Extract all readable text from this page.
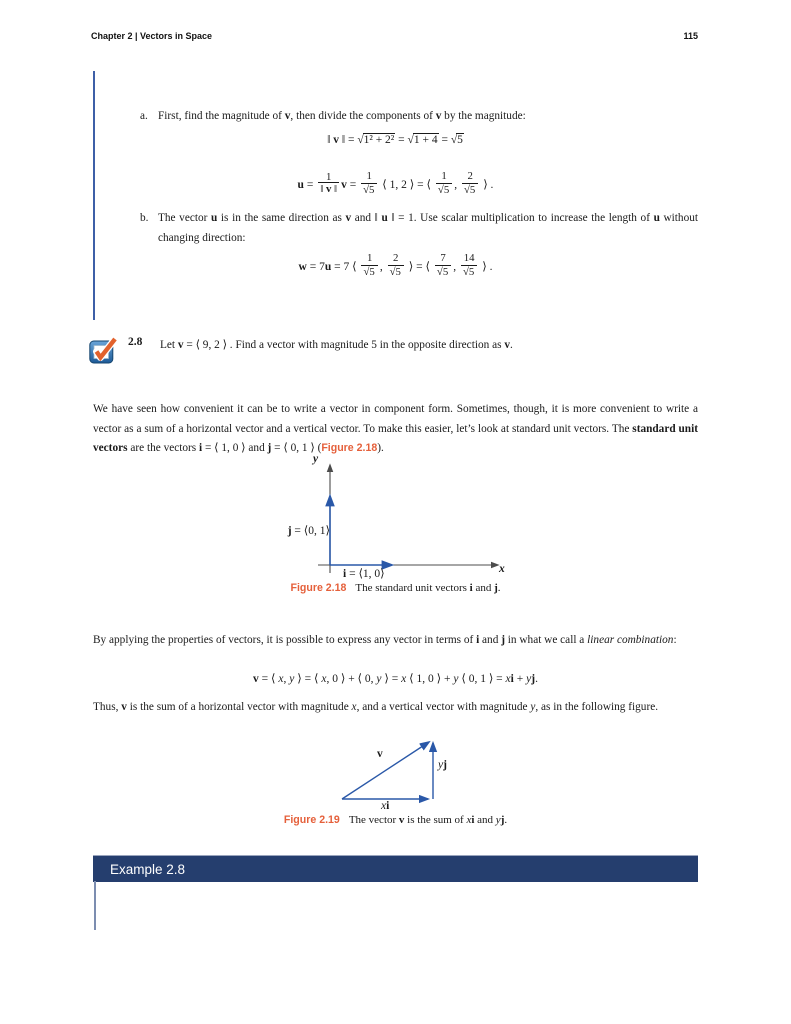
Chapter 2 | Vectors in Space	115
a. First, find the magnitude of v, then divide the components of v by the magnitude:
‖ v ‖ = √1² + 2² = √1 + 4 = √5
$u = \frac{1}{‖ v ‖}$ $v = \frac{1}{√5}$ ⟨ 1, 2 ⟩ = ⟨ $\frac{1}{√5}$ , $\frac{2}{√5}$ ⟩ .
b. The vector u is in the same direction as v and ‖ u ‖ = 1. Use scalar multiplication to increase the length of u without changing direction:
w = 7u = 7 ⟨ $\frac{1}{√5}$ , $\frac{2}{√5}$ ⟩ = ⟨ $\frac{7}{√5}$ , $\frac{14}{√5}$ ⟩ .
2.8 Let v = ⟨ 9, 2 ⟩ . Find a vector with magnitude 5 in the opposite direction as v.
We have seen how convenient it can be to write a vector in component form. Sometimes, though, it is more convenient to write a vector as a sum of a horizontal vector and a vertical vector. To make this easier, let’s look at standard unit vectors. The standard unit vectors are the vectors i = ⟨ 1, 0 ⟩ and j = ⟨ 0, 1 ⟩ (Figure 2.18).
y
x
j = ⟨0, 1⟩
i = ⟨1, 0⟩
Figure 2.18 The standard unit vectors i and j.
By applying the properties of vectors, it is possible to express any vector in terms of i and j in what we call a linear combination:
v = ⟨ x, y ⟩ = ⟨ x, 0 ⟩ + ⟨ 0, y ⟩ = x ⟨ 1, 0 ⟩ + y ⟨ 0, 1 ⟩ = xi + yj.
Thus, v is the sum of a horizontal vector with magnitude x, and a vertical vector with magnitude y, as in the following figure.
v
yj
xi
Figure 2.19 The vector v is the sum of xi and yj.
Example 2.8
